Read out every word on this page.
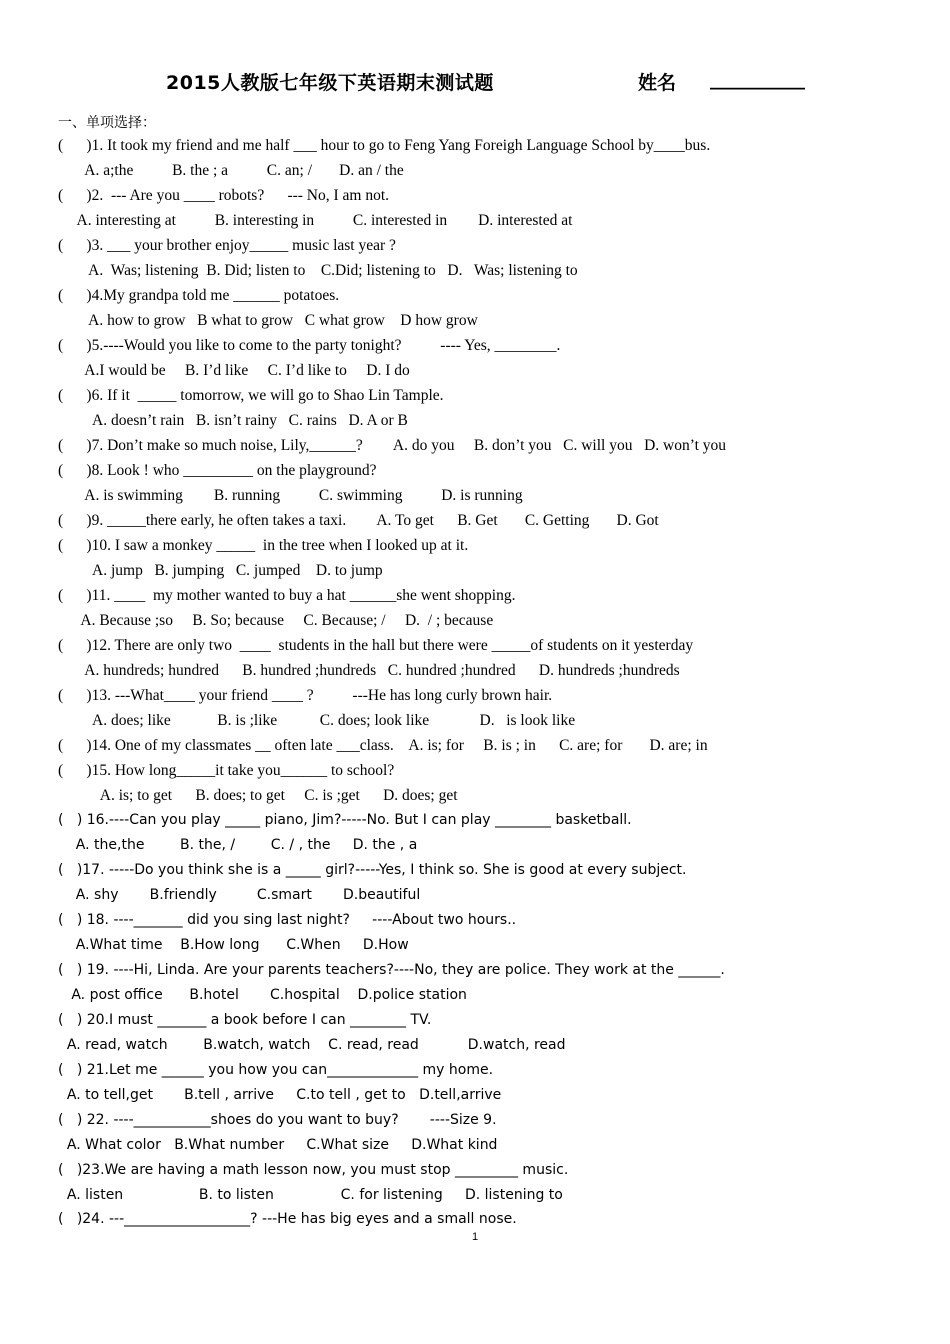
2015人教版七年级下英语期末测试题	姓名 __________
一、单项选择：
(      )1. It took my friend and me half ___ hour to go to Feng Yang Foreigh Language School by____bus.
A. a;the          B. the ; a          C. an; /       D. an / the
(      )2.  --- Are you ____ robots?      --- No, I am not.
A. interesting at          B. interesting in          C. interested in        D. interested at
(      )3. ___ your brother enjoy_____ music last year ?
A.  Was; listening  B. Did; listen to    C.Did; listening to   D.   Was; listening to
(      )4.My grandpa told me ______ potatoes.
A. how to grow   B what to grow   C what grow    D how grow
(      )5.----Would you like to come to the party tonight?          ---- Yes, ________.
A.I would be     B. I’d like     C. I’d like to     D. I do
(      )6. If it  _____ tomorrow, we will go to Shao Lin Tample.
A. doesn’t rain   B. isn’t rainy   C. rains   D. A or B
(      )7. Don’t make so much noise, Lily,______?        A. do you     B. don’t you   C. will you   D. won’t you
(      )8. Look ! who _________ on the playground?
A. is swimming        B. running          C. swimming          D. is running
(      )9. _____there early, he often takes a taxi.        A. To get      B. Get       C. Getting       D. Got
(      )10. I saw a monkey _____  in the tree when I looked up at it.
A. jump   B. jumping   C. jumped    D. to jump
(      )11. ____  my mother wanted to buy a hat ______she went shopping.
A. Because ;so     B. So; because     C. Because; /     D.  / ; because
(      )12. There are only two  ____  students in the hall but there were _____of students on it yesterday
A. hundreds; hundred      B. hundred ;hundreds   C. hundred ;hundred      D. hundreds ;hundreds
(      )13. ---What____ your friend ____ ?          ---He has long curly brown hair.
A. does; like            B. is ;like           C. does; look like             D.   is look like
(      )14. One of my classmates __ often late ___class.    A. is; for     B. is ; in      C. are; for       D. are; in
(      )15. How long_____it take you______ to school?
A. is; to get      B. does; to get     C. is ;get      D. does; get
(   ) 16.----Can you play _____ piano, Jim?-----No. But I can play ________ basketball.
A. the,the        B. the, /        C. / , the     D. the , a
(   )17. -----Do you think she is a _____ girl?-----Yes, I think so. She is good at every subject.
A. shy       B.friendly         C.smart       D.beautiful
(   ) 18. ----_______ did you sing last night?     ----About two hours..
A.What time    B.How long      C.When     D.How
(   ) 19. ----Hi, Linda. Are your parents teachers?----No, they are police. They work at the ______.
A. post office      B.hotel       C.hospital    D.police station
(   ) 20.I must _______ a book before I can ________ TV.
A. read, watch        B.watch, watch    C. read, read           D.watch, read
(   ) 21.Let me ______ you how you can_____________ my home.
A. to tell,get       B.tell , arrive     C.to tell , get to   D.tell,arrive
(   ) 22. ----___________shoes do you want to buy?       ----Size 9.
A. What color   B.What number     C.What size     D.What kind
(   )23.We are having a math lesson now, you must stop _________ music.
A. listen                 B. to listen               C. for listening     D. listening to
(   )24. ---__________________? ---He has big eyes and a small nose.
1
